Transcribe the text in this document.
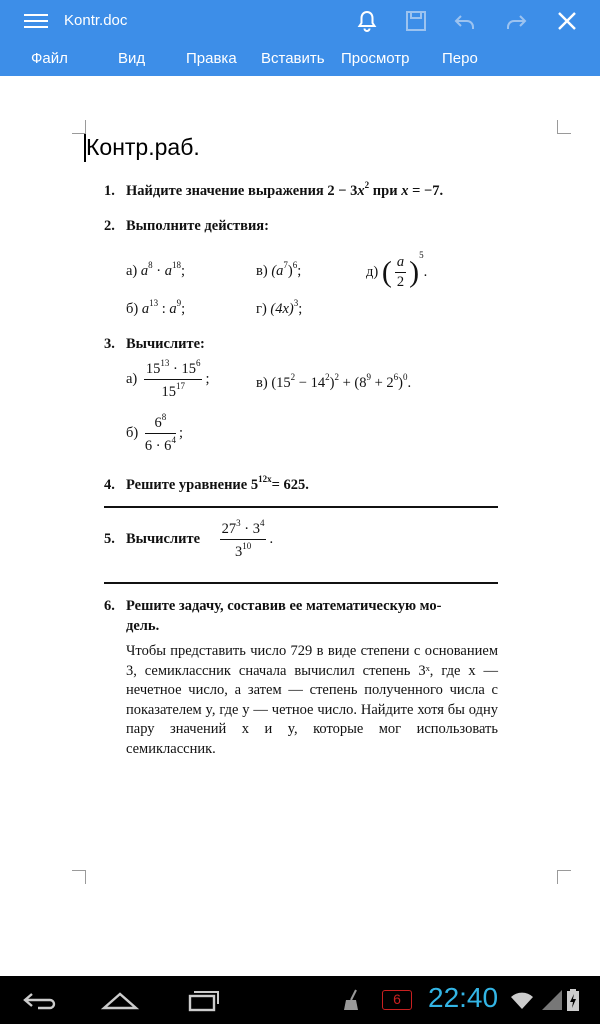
Kontr.doc
Файл	Вид	Правка Вставить Просмотр Перо
Контр.раб.
1. Найдите значение выражения $2 - 3x^2$ при x = −7.
2. Выполните действия:
а) $a^8 \cdot a^{18}$;	в) $(a^7)^6$;	д) ( $\frac{a}{2} )^5$.
б) $a^{13}$ : $a^9$;	г) $(4x)^3$;
3. Вычислите:
$а) \frac{15^{13} \cdot 15^6}{15^{17}}$ ;	в) $(15^2 - 14^2)^2 + (8^9 + 2^6)^0$.
$б) \frac{6^8}{6 \cdot 6^4}$ ;
4. Решите уравнение $5^{12x}= 625$.
5. Вычислите $\frac{27^3 \cdot 3^4}{3^{10}}$ .
6. Решите задачу, составив ее математическую мо-
дель.
Чтобы представить число 729 в виде степени с основанием 3, семиклассник сначала вычислил степень 3ˣ, где x — нечетное число, а затем — степень полученного числа с показателем y, где y — четное число. Найдите хотя бы одну пару значений x и y, которые мог использовать семиклассник.
6 22:40
